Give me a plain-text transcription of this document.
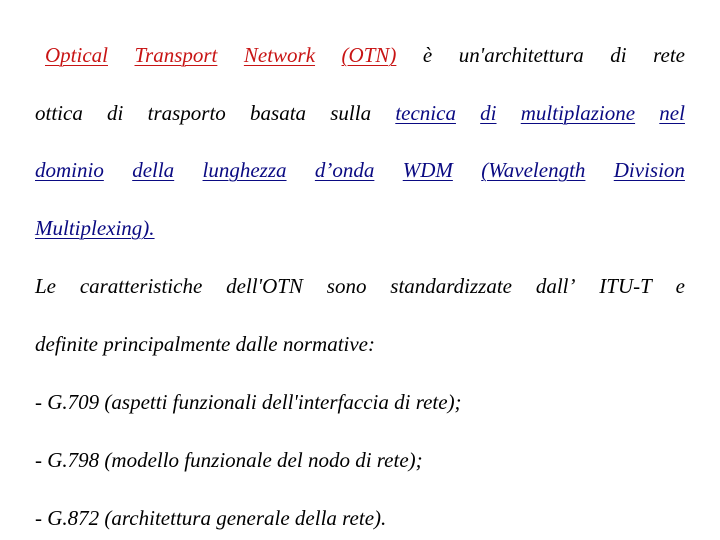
Optical Transport Network (OTN) è un'architettura di rete
ottica di trasporto basata sulla tecnica di multiplazione nel
dominio della lunghezza d’onda WDM (Wavelength Division
Multiplexing).
Le caratteristiche dell'OTN sono standardizzate dall’ ITU-T e
definite principalmente dalle normative:
- G.709 (aspetti funzionali dell'interfaccia di rete);
- G.798 (modello funzionale del nodo di rete);
- G.872 (architettura generale della rete).
